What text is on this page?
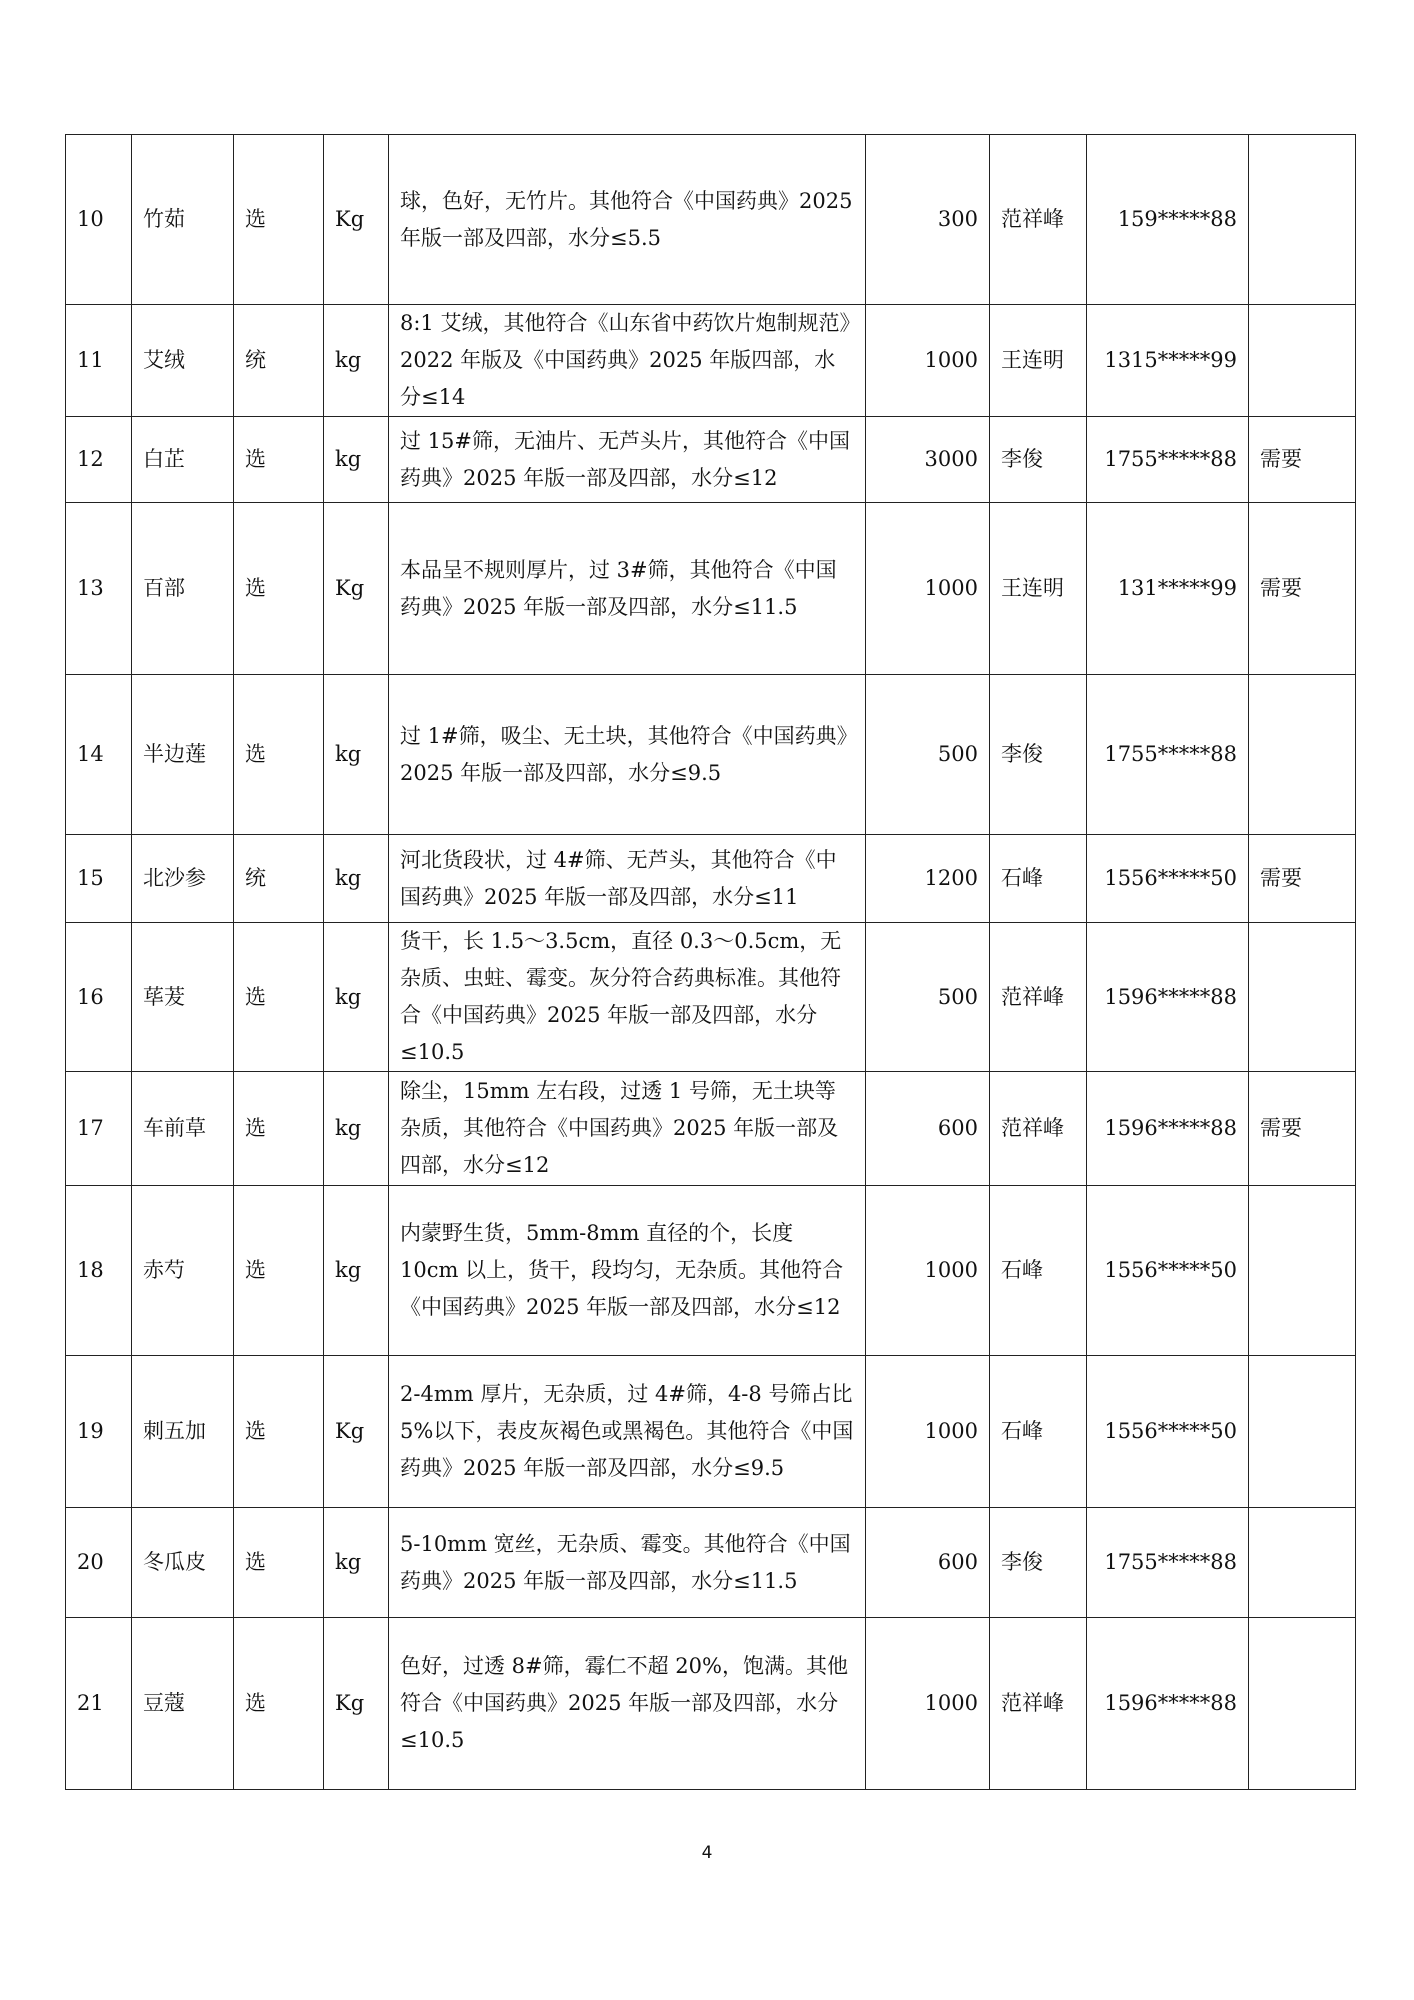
10	竹茹	选	Kg	球，色好，无竹片。其他符合《中国药典》2025 年版一部及四部，水分≤5.5	300	范祥峰	159*****88	
11	艾绒	统	kg	8:1 艾绒，其他符合《山东省中药饮片炮制规范》2022 年版及《中国药典》2025 年版四部，水分≤14	1000	王连明	1315*****99	
12	白芷	选	kg	过 15#筛，无油片、无芦头片，其他符合《中国药典》2025 年版一部及四部，水分≤12	3000	李俊	1755*****88	需要
13	百部	选	Kg	本品呈不规则厚片，过 3#筛，其他符合《中国药典》2025 年版一部及四部，水分≤11.5	1000	王连明	131*****99	需要
14	半边莲	选	kg	过 1#筛，吸尘、无土块，其他符合《中国药典》2025 年版一部及四部，水分≤9.5	500	李俊	1755*****88	
15	北沙参	统	kg	河北货段状，过 4#筛、无芦头，其他符合《中国药典》2025 年版一部及四部，水分≤11	1200	石峰	1556*****50	需要
16	荜茇	选	kg	货干，长 1.5～3.5cm，直径 0.3～0.5cm，无杂质、虫蛀、霉变。灰分符合药典标准。其他符合《中国药典》2025 年版一部及四部，水分≤10.5	500	范祥峰	1596*****88	
17	车前草	选	kg	除尘，15mm 左右段，过透 1 号筛，无土块等杂质，其他符合《中国药典》2025 年版一部及四部，水分≤12	600	范祥峰	1596*****88	需要
18	赤芍	选	kg	内蒙野生货，5mm-8mm 直径的个，长度 10cm 以上，货干，段均匀，无杂质。其他符合《中国药典》2025 年版一部及四部，水分≤12	1000	石峰	1556*****50	
19	刺五加	选	Kg	2-4mm 厚片，无杂质，过 4#筛，4-8 号筛占比 5%以下，表皮灰褐色或黑褐色。其他符合《中国药典》2025 年版一部及四部，水分≤9.5	1000	石峰	1556*****50	
20	冬瓜皮	选	kg	5-10mm 宽丝，无杂质、霉变。其他符合《中国药典》2025 年版一部及四部，水分≤11.5	600	李俊	1755*****88	
21	豆蔻	选	Kg	色好，过透 8#筛，霉仁不超 20%，饱满。其他符合《中国药典》2025 年版一部及四部，水分≤10.5	1000	范祥峰	1596*****88	
4
